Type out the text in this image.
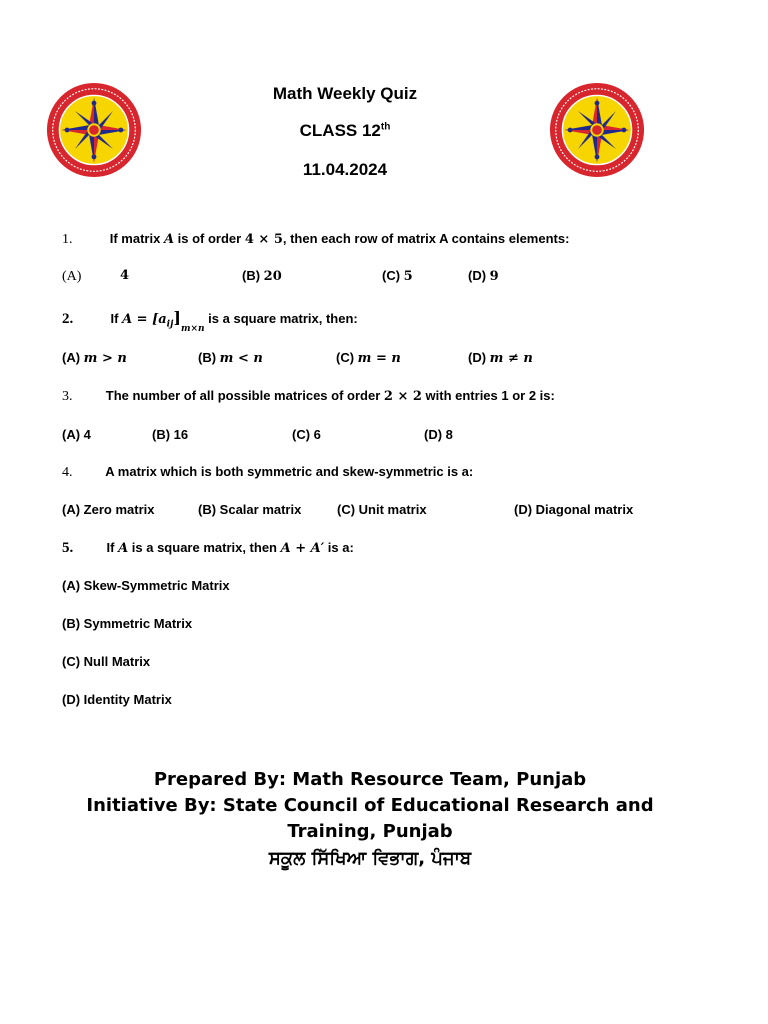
Math Weekly Quiz
CLASS 12th
11.04.2024
1.	If matrix A is of order 4 × 5, then each row of matrix A contains elements:
(A)	4	(B) 20	(C) 5	(D) 9
2.	If $A = [a_{ij}]_{m\times n}$ is a square matrix, then:
(A) m > n	(B) m < n	(C) m = n	(D) m ≠ n
3.	The number of all possible matrices of order 2 × 2 with entries 1 or 2 is:
(A) 4	(B) 16	(C) 6	(D) 8
4.	A matrix which is both symmetric and skew-symmetric is a:
(A) Zero matrix	(B) Scalar matrix	(C) Unit matrix	(D) Diagonal matrix
5.	If A is a square matrix, then A + A′ is a:
(A) Skew-Symmetric Matrix
(B) Symmetric Matrix
(C) Null Matrix
(D) Identity Matrix
Prepared By: Math Resource Team, Punjab
Initiative By: State Council of Educational Research and
Training, Punjab
ਸਕੂਲ ਸਿੱਖਿਆ ਵਿਭਾਗ, ਪੰਜਾਬ
